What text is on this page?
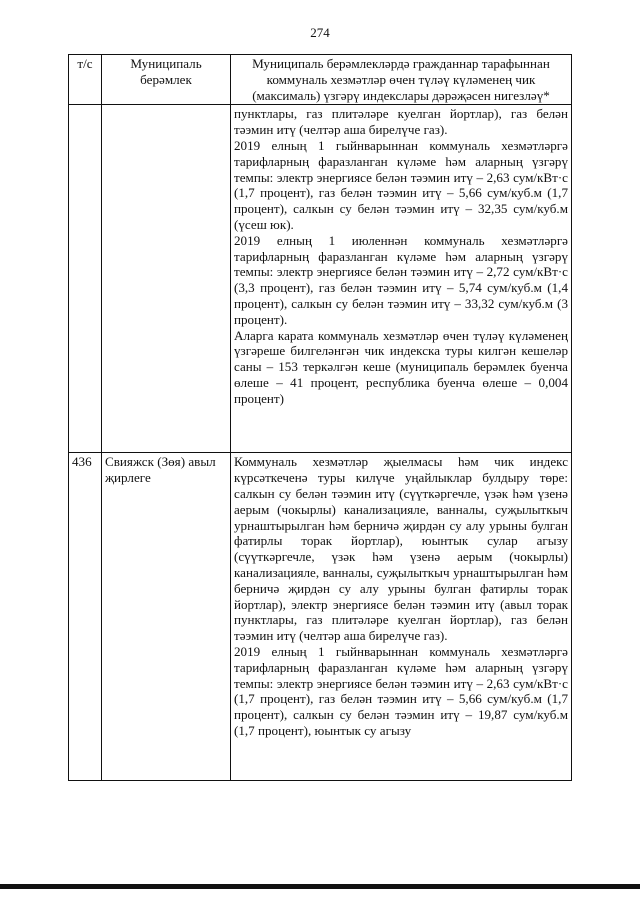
274
т/с	Муниципаль берәмлек	Муниципаль берәмлекләрдә гражданнар тарафыннан коммуналь хезмәтләр өчен түләү күләменең чик (максималь) үзгәрү индекслары дәрәҗәсен нигезләү*

		пунктлары, газ плитәләре куелган йортлар), газ белән тәэмин итү (челтәр аша бирелүче газ).

2019 елның 1 гыйнварыннан коммуналь хезмәтләргә тарифларның фаразланган күләме һәм аларның үзгәрү темпы: электр энергиясе белән тәэмин итү – 2,63 сум/кВт·с (1,7 процент), газ белән тәэмин итү – 5,66 сум/куб.м (1,7 процент), салкын су белән тәэмин итү – 32,35 сум/куб.м (үсеш юк).

2019 елның 1 июленнән коммуналь хезмәтләргә тарифларның фаразланган күләме һәм аларның үзгәрү темпы: электр энергиясе белән тәэмин итү – 2,72 сум/кВт·с (3,3 процент), газ белән тәэмин итү – 5,74 сум/куб.м (1,4 процент), салкын су белән тәэмин итү – 33,32 сум/куб.м (3 процент).

Аларга карата коммуналь хезмәтләр өчен түләү күләменең үзгәреше билгеләнгән чик индекска туры килгән кешеләр саны – 153 теркәлгән кеше (муниципаль берәмлек буенча өлеше – 41 процент, республика буенча өлеше – 0,004 процент)

436	Свияжск (Зөя) авыл җирлеге	Коммуналь хезмәтләр җыелмасы һәм чик индекс күрсәткеченә туры килүче уңайлыклар булдыру төре: салкын су белән тәэмин итү (сүүткәргечле, үзәк һәм үзенә аерым (чокырлы) канализацияле, ванналы, суҗылыткыч урнаштырылган һәм берничә җирдән су алу урыны булган фатирлы торак йортлар), юынтык сулар агызу (сүүткәргечле, үзәк һәм үзенә аерым (чокырлы) канализацияле, ванналы, суҗылыткыч урнаштырылган һәм берничә җирдән су алу урыны булган фатирлы торак йортлар), электр энергиясе белән тәэмин итү (авыл торак пунктлары, газ плитәләре куелган йортлар), газ белән тәэмин итү (челтәр аша бирелүче газ).

2019 елның 1 гыйнварыннан коммуналь хезмәтләргә тарифларның фаразланган күләме һәм аларның үзгәрү темпы: электр энергиясе белән тәэмин итү – 2,63 сум/кВт·с (1,7 процент), газ белән тәэмин итү – 5,66 сум/куб.м (1,7 процент), салкын су белән тәэмин итү – 19,87 сум/куб.м (1,7 процент), юынтык су агызу
